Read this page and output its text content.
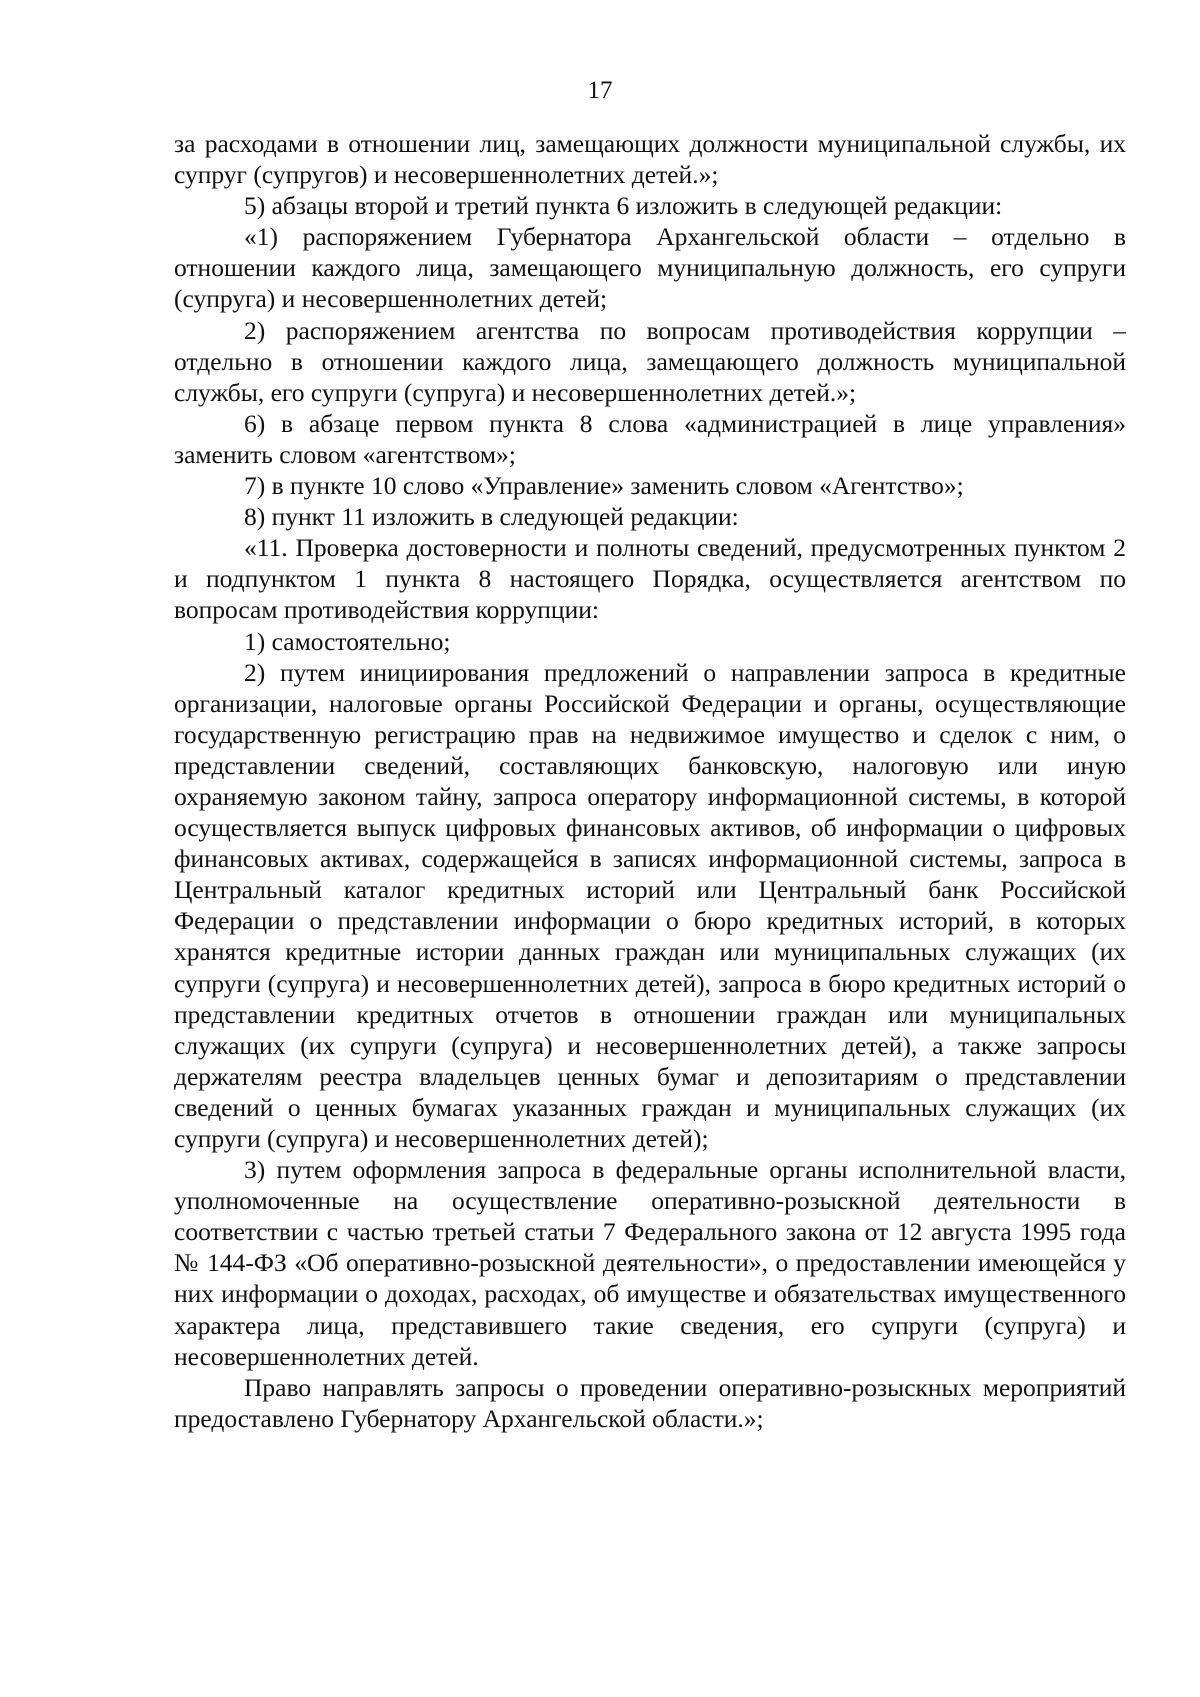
17

за расходами в отношении лиц, замещающих должности муниципальной службы, их супруг (супругов) и несовершеннолетних детей.»;

5) абзацы второй и третий пункта 6 изложить в следующей редакции:

«1) распоряжением Губернатора Архангельской области – отдельно в отношении каждого лица, замещающего муниципальную должность, его супруги (супруга) и несовершеннолетних детей;

2) распоряжением агентства по вопросам противодействия коррупции – отдельно в отношении каждого лица, замещающего должность муниципальной службы, его супруги (супруга) и несовершеннолетних детей.»;

6) в абзаце первом пункта 8 слова «администрацией в лице управления» заменить словом «агентством»;

7) в пункте 10 слово «Управление» заменить словом «Агентство»;

8) пункт 11 изложить в следующей редакции:

«11. Проверка достоверности и полноты сведений, предусмотренных пунктом 2 и подпунктом 1 пункта 8 настоящего Порядка, осуществляется агентством по вопросам противодействия коррупции:

1) самостоятельно;

2) путем инициирования предложений о направлении запроса в кредитные организации, налоговые органы Российской Федерации и органы, осуществляющие государственную регистрацию прав на недвижимое имущество и сделок с ним, о представлении сведений, составляющих банковскую, налоговую или иную охраняемую законом тайну, запроса оператору информационной системы, в которой осуществляется выпуск цифровых финансовых активов, об информации о цифровых финансовых активах, содержащейся в записях информационной системы, запроса в Центральный каталог кредитных историй или Центральный банк Российской Федерации о представлении информации о бюро кредитных историй, в которых хранятся кредитные истории данных граждан или муниципальных служащих (их супруги (супруга) и несовершеннолетних детей), запроса в бюро кредитных историй о представлении кредитных отчетов в отношении граждан или муниципальных служащих (их супруги (супруга) и несовершеннолетних детей), а также запросы держателям реестра владельцев ценных бумаг и депозитариям о представлении сведений о ценных бумагах указанных граждан и муниципальных служащих (их супруги (супруга) и несовершеннолетних детей);

3) путем оформления запроса в федеральные органы исполнительной власти, уполномоченные на осуществление оперативно-розыскной деятельности в соответствии с частью третьей статьи 7 Федерального закона от 12 августа 1995 года № 144-ФЗ «Об оперативно-розыскной деятельности», о предоставлении имеющейся у них информации о доходах, расходах, об имуществе и обязательствах имущественного характера лица, представившего такие сведения, его супруги (супруга) и несовершеннолетних детей.

Право направлять запросы о проведении оперативно-розыскных мероприятий предоставлено Губернатору Архангельской области.»;
